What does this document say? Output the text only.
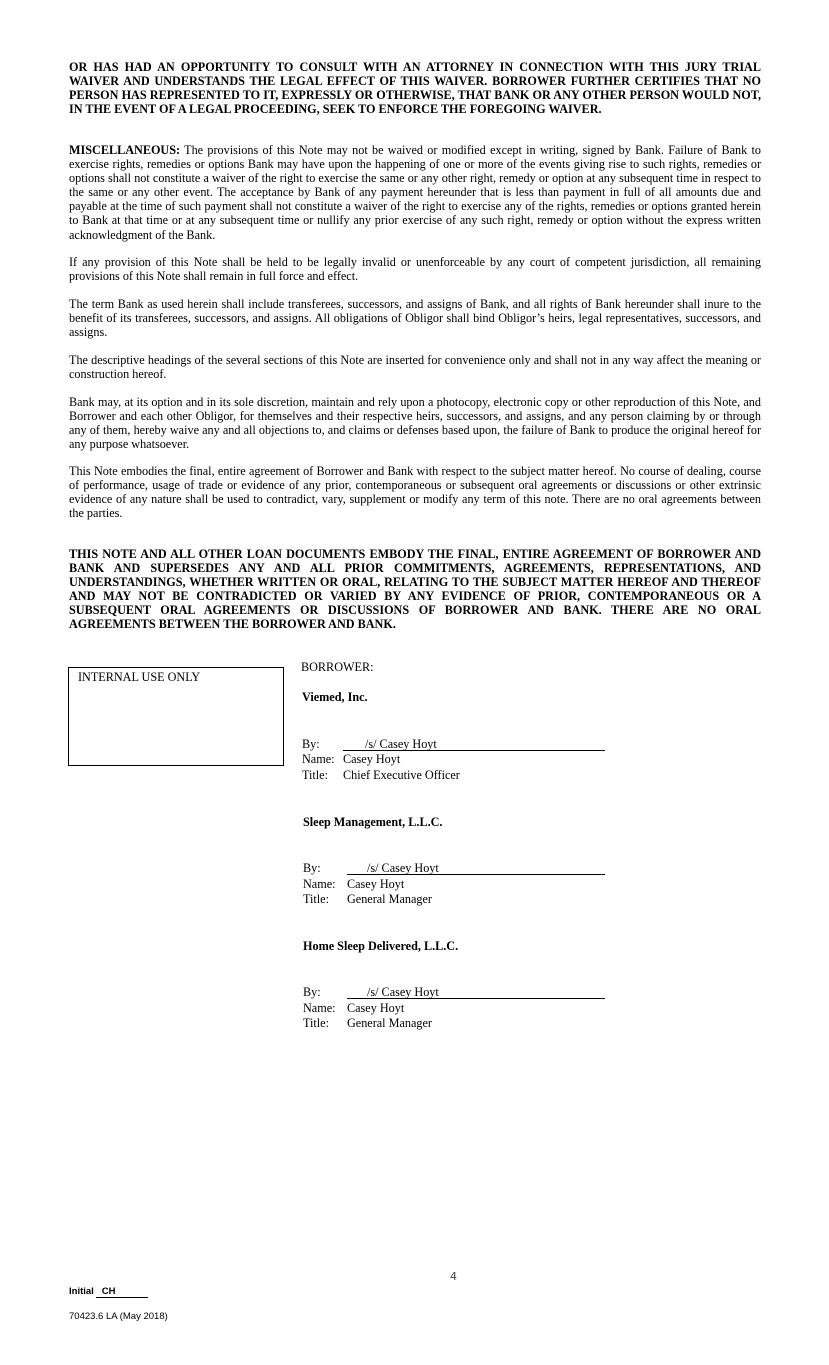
OR HAS HAD AN OPPORTUNITY TO CONSULT WITH AN ATTORNEY IN CONNECTION WITH THIS JURY TRIAL WAIVER AND UNDERSTANDS THE LEGAL EFFECT OF THIS WAIVER. BORROWER FURTHER CERTIFIES THAT NO PERSON HAS REPRESENTED TO IT, EXPRESSLY OR OTHERWISE, THAT BANK OR ANY OTHER PERSON WOULD NOT, IN THE EVENT OF A LEGAL PROCEEDING, SEEK TO ENFORCE THE FOREGOING WAIVER.

MISCELLANEOUS: The provisions of this Note may not be waived or modified except in writing, signed by Bank. Failure of Bank to exercise rights, remedies or options Bank may have upon the happening of one or more of the events giving rise to such rights, remedies or options shall not constitute a waiver of the right to exercise the same or any other right, remedy or option at any subsequent time in respect to the same or any other event. The acceptance by Bank of any payment hereunder that is less than payment in full of all amounts due and payable at the time of such payment shall not constitute a waiver of the right to exercise any of the rights, remedies or options granted herein to Bank at that time or at any subsequent time or nullify any prior exercise of any such right, remedy or option without the express written acknowledgment of the Bank.

If any provision of this Note shall be held to be legally invalid or unenforceable by any court of competent jurisdiction, all remaining provisions of this Note shall remain in full force and effect.

The term Bank as used herein shall include transferees, successors, and assigns of Bank, and all rights of Bank hereunder shall inure to the benefit of its transferees, successors, and assigns. All obligations of Obligor shall bind Obligor’s heirs, legal representatives, successors, and assigns.

The descriptive headings of the several sections of this Note are inserted for convenience only and shall not in any way affect the meaning or construction hereof.

Bank may, at its option and in its sole discretion, maintain and rely upon a photocopy, electronic copy or other reproduction of this Note, and Borrower and each other Obligor, for themselves and their respective heirs, successors, and assigns, and any person claiming by or through any of them, hereby waive any and all objections to, and claims or defenses based upon, the failure of Bank to produce the original hereof for any purpose whatsoever.

This Note embodies the final, entire agreement of Borrower and Bank with respect to the subject matter hereof. No course of dealing, course of performance, usage of trade or evidence of any prior, contemporaneous or subsequent oral agreements or discussions or other extrinsic evidence of any nature shall be used to contradict, vary, supplement or modify any term of this note. There are no oral agreements between the parties.

THIS NOTE AND ALL OTHER LOAN DOCUMENTS EMBODY THE FINAL, ENTIRE AGREEMENT OF BORROWER AND BANK AND SUPERSEDES ANY AND ALL PRIOR COMMITMENTS, AGREEMENTS, REPRESENTATIONS, AND UNDERSTANDINGS, WHETHER WRITTEN OR ORAL, RELATING TO THE SUBJECT MATTER HEREOF AND THEREOF AND MAY NOT BE CONTRADICTED OR VARIED BY ANY EVIDENCE OF PRIOR, CONTEMPORANEOUS OR A SUBSEQUENT ORAL AGREEMENTS OR DISCUSSIONS OF BORROWER AND BANK. THERE ARE NO ORAL AGREEMENTS BETWEEN THE BORROWER AND BANK.

INTERNAL USE ONLY
BORROWER:
Viemed, Inc.
By:	/s/ Casey Hoyt
Name: Casey Hoyt
Title: Chief Executive Officer
Sleep Management, L.L.C.
By:	/s/ Casey Hoyt
Name: Casey Hoyt
Title: General Manager
Home Sleep Delivered, L.L.C.
By:	/s/ Casey Hoyt
Name: Casey Hoyt
Title: General Manager
4
Initial CH
70423.6 LA (May 2018)
